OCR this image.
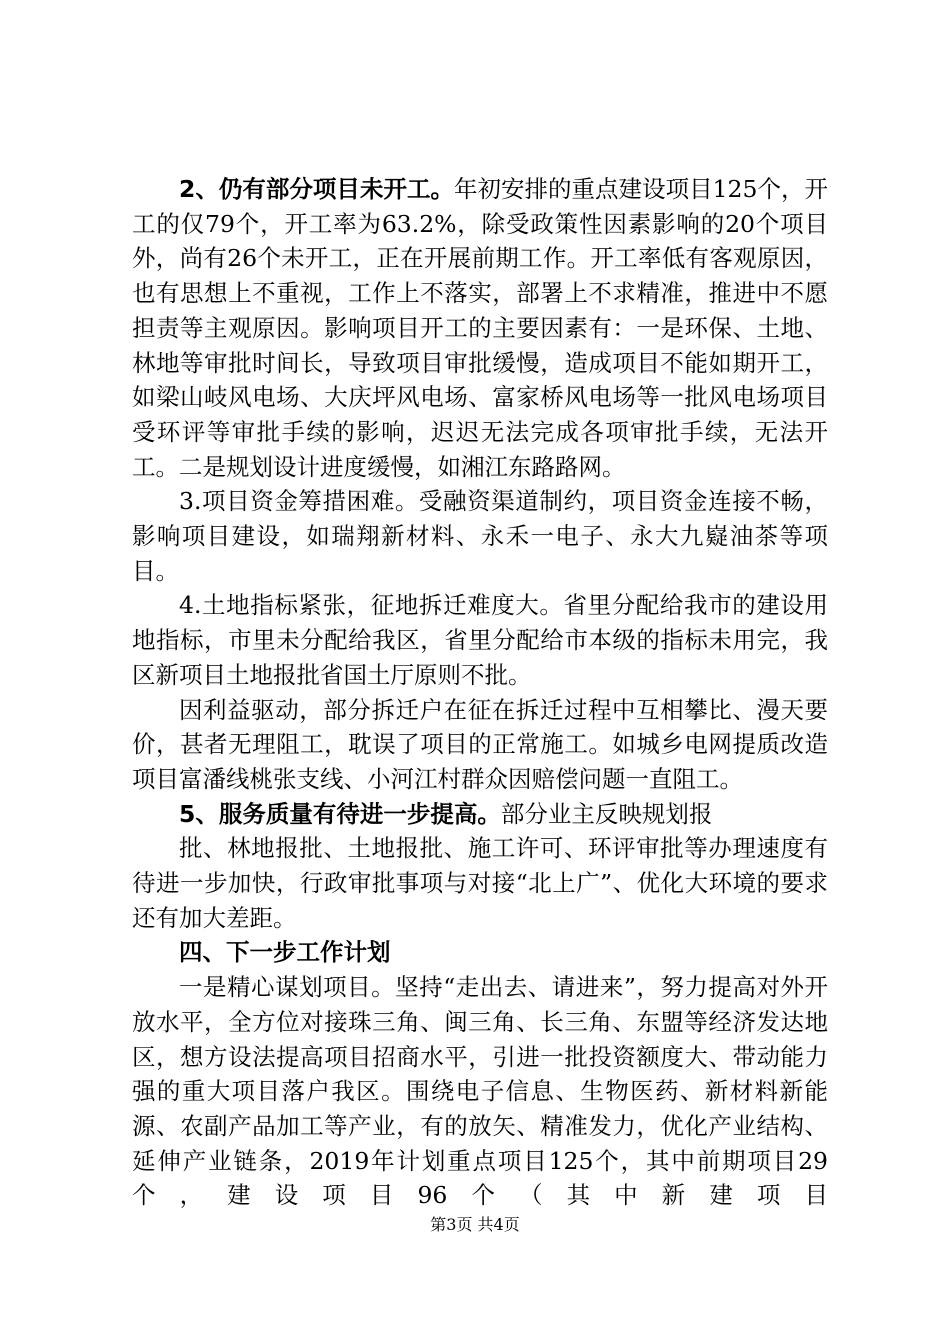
2、仍有部分项目未开工。年初安排的重点建设项目125个，开工的仅79个，开工率为63.2%，除受政策性因素影响的20个项目外，尚有26个未开工，正在开展前期工作。开工率低有客观原因，也有思想上不重视，工作上不落实，部署上不求精准，推进中不愿担责等主观原因。影响项目开工的主要因素有：一是环保、土地、林地等审批时间长，导致项目审批缓慢，造成项目不能如期开工，如梁山岐风电场、大庆坪风电场、富家桥风电场等一批风电场项目受环评等审批手续的影响，迟迟无法完成各项审批手续，无法开工。二是规划设计进度缓慢，如湘江东路路网。

3.项目资金筹措困难。受融资渠道制约，项目资金连接不畅，影响项目建设，如瑞翔新材料、永禾一电子、永大九嶷油茶等项目。

4.土地指标紧张，征地拆迁难度大。省里分配给我市的建设用地指标，市里未分配给我区，省里分配给市本级的指标未用完，我区新项目土地报批省国土厅原则不批。

因利益驱动，部分拆迁户在征在拆迁过程中互相攀比、漫天要价，甚者无理阻工，耽误了项目的正常施工。如城乡电网提质改造项目富潘线桃张支线、小河江村群众因赔偿问题一直阻工。

5、服务质量有待进一步提高。部分业主反映规划报

批、林地报批、土地报批、施工许可、环评审批等办理速度有待进一步加快，行政审批事项与对接“北上广”、优化大环境的要求还有加大差距。

四、下一步工作计划

一是精心谋划项目。坚持“走出去、请进来”，努力提高对外开放水平，全方位对接珠三角、闽三角、长三角、东盟等经济发达地区，想方设法提高项目招商水平，引进一批投资额度大、带动能力强的重大项目落户我区。围绕电子信息、生物医药、新材料新能源、农副产品加工等产业，有的放矢、精准发力，优化产业结构、延伸产业链条，2019年计划重点项目125个，其中前期项目29个，建设项目96个（其中新建项目

第3页 共4页
